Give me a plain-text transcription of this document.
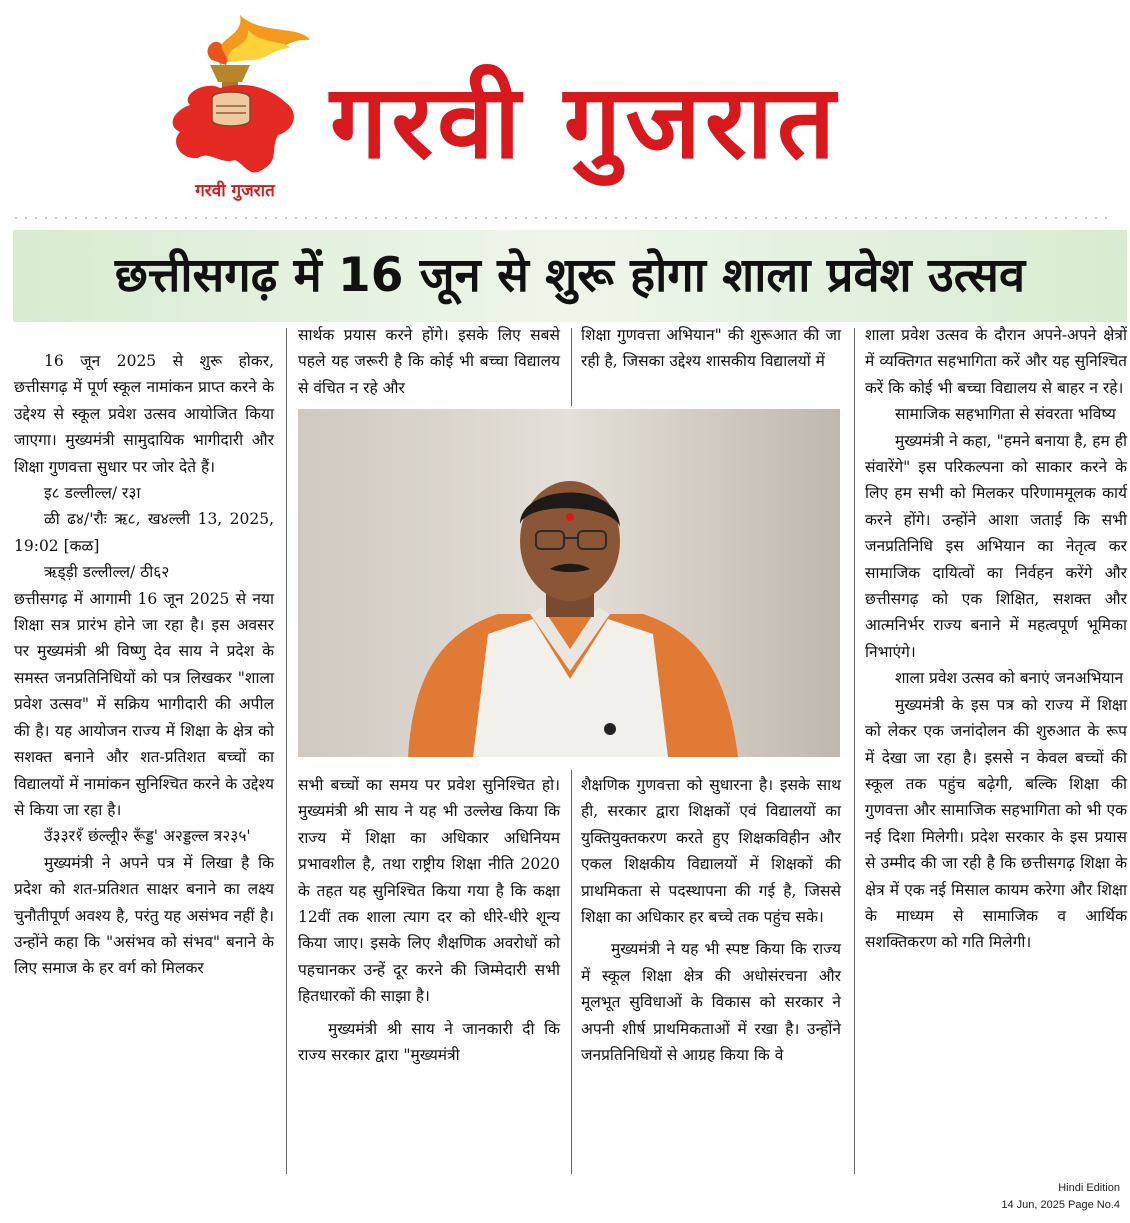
गरवी गुजरात
गरवी गुजरात
छत्तीसगढ़ में 16 जून से शुरू होगा शाला प्रवेश उत्सव

16 जून 2025 से शुरू होकर, छत्तीसगढ़ में पूर्ण स्कूल नामांकन प्राप्त करने के उद्देश्य से स्कूल प्रवेश उत्सव आयोजित किया जाएगा। मुख्यमंत्री सामुदायिक भागीदारी और शिक्षा गुणवत्ता सुधार पर जोर देते हैं।

इ८ डल्लील्ल/ र३ा

ळी ढ४/'रौः ऋ८, ख४ल्ली 13, 2025, 19:02 [कळ]

ऋड्ड़ी डल्लील्ल/ ठी६२

छत्तीसगढ़ में आगामी 16 जून 2025 से नया शिक्षा सत्र प्रारंभ होने जा रहा है। इस अवसर पर मुख्यमंत्री श्री विष्णु देव साय ने प्रदेश के समस्त जनप्रतिनिधियों को पत्र लिखकर "शाला प्रवेश उत्सव" में सक्रिय भागीदारी की अपील की है। यह आयोजन राज्य में शिक्षा के क्षेत्र को सशक्त बनाने और शत-प्रतिशत बच्चों का विद्यालयों में नामांकन सुनिश्चित करने के उद्देश्य से किया जा रहा है।

उँ३३र१ँ छंल्लूी२ रूँड्ड' अ२ड्डल्ल त्र२३५'

मुख्यमंत्री ने अपने पत्र में लिखा है कि प्रदेश को शत-प्रतिशत साक्षर बनाने का लक्ष्य चुनौतीपूर्ण अवश्य है, परंतु यह असंभव नहीं है। उन्होंने कहा कि "असंभव को संभव" बनाने के लिए समाज के हर वर्ग को मिलकर

सार्थक प्रयास करने होंगे। इसके लिए सबसे पहले यह जरूरी है कि कोई भी बच्चा विद्यालय से वंचित न रहे और

सभी बच्चों का समय पर प्रवेश सुनिश्चित हो। मुख्यमंत्री श्री साय ने यह भी उल्लेख किया कि राज्य में शिक्षा का अधिकार अधिनियम प्रभावशील है, तथा राष्ट्रीय शिक्षा नीति 2020 के तहत यह सुनिश्चित किया गया है कि कक्षा 12वीं तक शाला त्याग दर को धीरे-धीरे शून्य किया जाए। इसके लिए शैक्षणिक अवरोधों को पहचानकर उन्हें दूर करने की जिम्मेदारी सभी हितधारकों की साझा है।

मुख्यमंत्री श्री साय ने जानकारी दी कि राज्य सरकार द्वारा "मुख्यमंत्री

शिक्षा गुणवत्ता अभियान" की शुरूआत की जा रही है, जिसका उद्देश्य शासकीय विद्यालयों में

शैक्षणिक गुणवत्ता को सुधारना है। इसके साथ ही, सरकार द्वारा शिक्षकों एवं विद्यालयों का युक्तियुक्तकरण करते हुए शिक्षकविहीन और एकल शिक्षकीय विद्यालयों में शिक्षकों की प्राथमिकता से पदस्थापना की गई है, जिससे शिक्षा का अधिकार हर बच्चे तक पहुंच सके।

मुख्यमंत्री ने यह भी स्पष्ट किया कि राज्य में स्कूल शिक्षा क्षेत्र की अधोसंरचना और मूलभूत सुविधाओं के विकास को सरकार ने अपनी शीर्ष प्राथमिकताओं में रखा है। उन्होंने जनप्रतिनिधियों से आग्रह किया कि वे

शाला प्रवेश उत्सव के दौरान अपने-अपने क्षेत्रों में व्यक्तिगत सहभागिता करें और यह सुनिश्चित करें कि कोई भी बच्चा विद्यालय से बाहर न रहे।

सामाजिक सहभागिता से संवरता भविष्य

मुख्यमंत्री ने कहा, "हमने बनाया है, हम ही संवारेंगे" इस परिकल्पना को साकार करने के लिए हम सभी को मिलकर परिणाममूलक कार्य करने होंगे। उन्होंने आशा जताई कि सभी जनप्रतिनिधि इस अभियान का नेतृत्व कर सामाजिक दायित्वों का निर्वहन करेंगे और छत्तीसगढ़ को एक शिक्षित, सशक्त और आत्मनिर्भर राज्य बनाने में महत्वपूर्ण भूमिका निभाएंगे।

शाला प्रवेश उत्सव को बनाएं जनअभियान

मुख्यमंत्री के इस पत्र को राज्य में शिक्षा को लेकर एक जनांदोलन की शुरुआत के रूप में देखा जा रहा है। इससे न केवल बच्चों की स्कूल तक पहुंच बढ़ेगी, बल्कि शिक्षा की गुणवत्ता और सामाजिक सहभागिता को भी एक नई दिशा मिलेगी। प्रदेश सरकार के इस प्रयास से उम्मीद की जा रही है कि छत्तीसगढ़ शिक्षा के क्षेत्र में एक नई मिसाल कायम करेगा और शिक्षा के माध्यम से सामाजिक व आर्थिक सशक्तिकरण को गति मिलेगी।

Hindi Edition
14 Jun, 2025 Page No.4
